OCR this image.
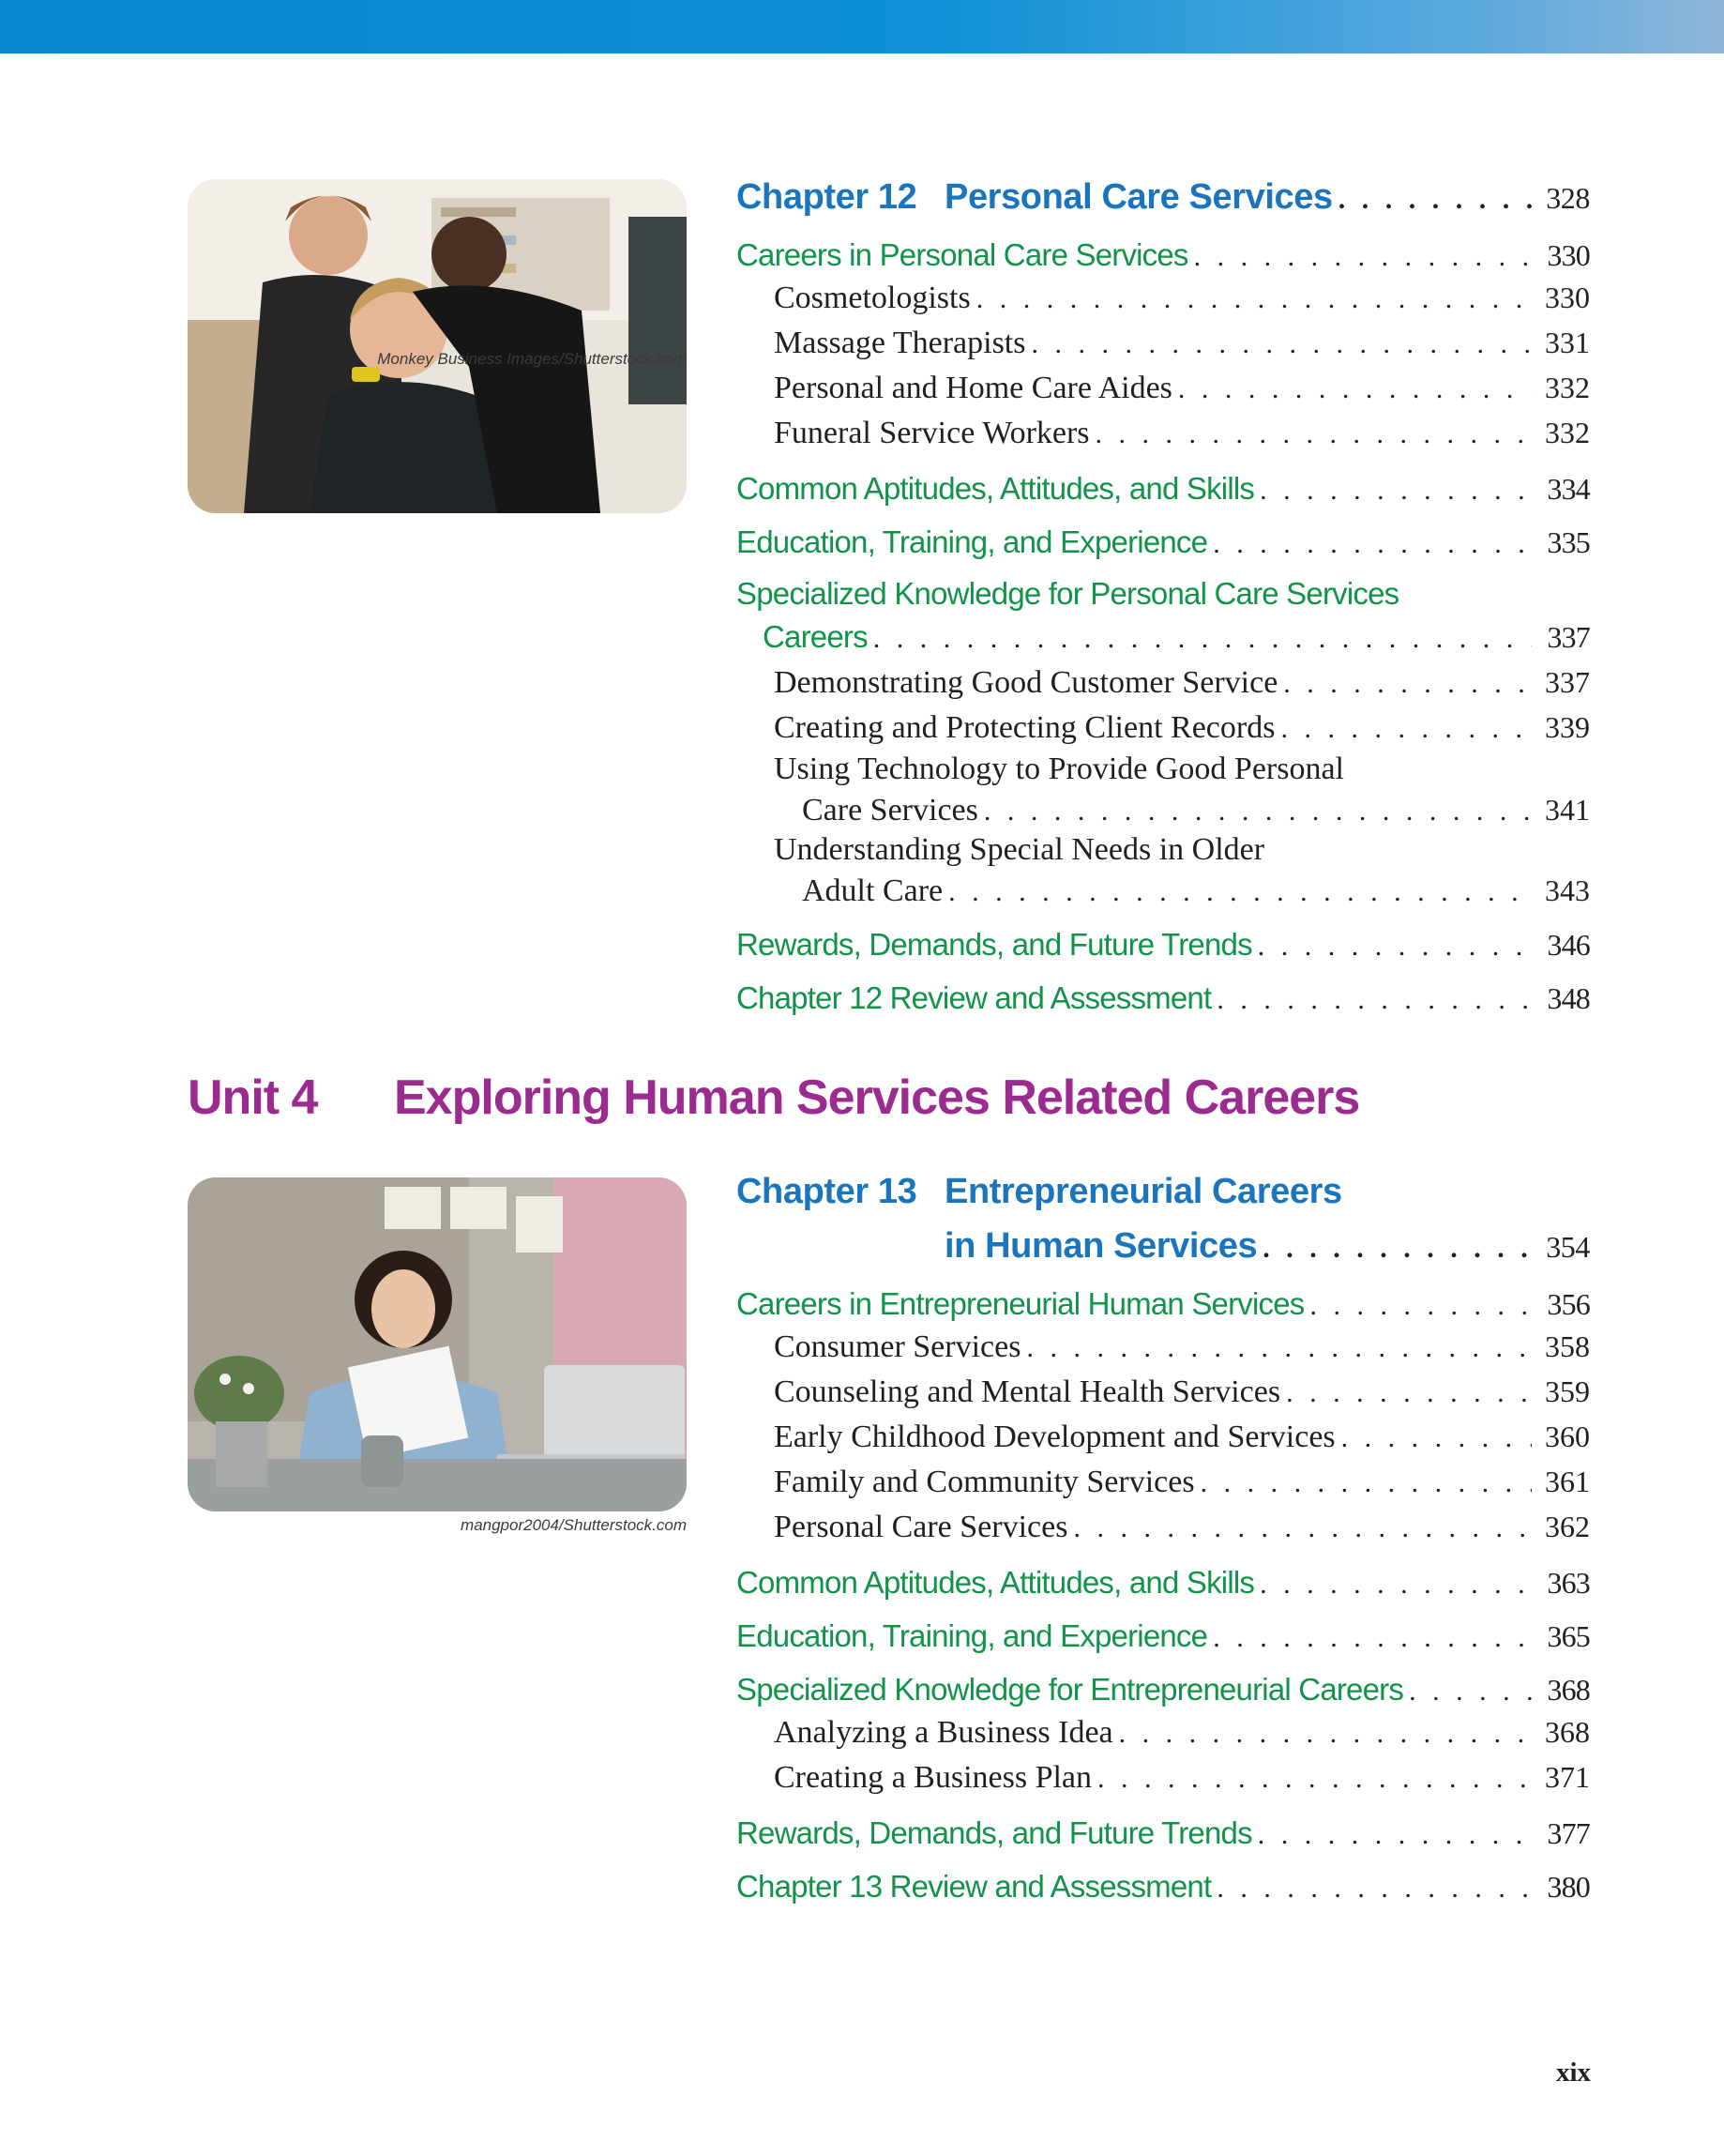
Monkey Business Images/Shutterstock.com
mangpor2004/Shutterstock.com
Chapter 12 Personal Care Services . . .	328
Careers in Personal Care Services . . .	330
Cosmetologists . . .	330
Massage Therapists . . .	331
Personal and Home Care Aides . . .	332
Funeral Service Workers . . .	332
Common Aptitudes, Attitudes, and Skills . . .	334
Education, Training, and Experience . . .	335
Specialized Knowledge for Personal Care Services
Careers . . .	337
Demonstrating Good Customer Service . . .	337
Creating and Protecting Client Records . . .	339
Using Technology to Provide Good Personal
Care Services . . .	341
Understanding Special Needs in Older
Adult Care . . .	343
Rewards, Demands, and Future Trends . . .	346
Chapter 12 Review and Assessment . . .	348
Unit 4 Exploring Human Services Related Careers
Chapter 13 Entrepreneurial Careers
in Human Services . . .	354
Careers in Entrepreneurial Human Services . . .	356
Consumer Services . . .	358
Counseling and Mental Health Services . . .	359
Early Childhood Development and Services . . .	360
Family and Community Services . . .	361
Personal Care Services . . .	362
Common Aptitudes, Attitudes, and Skills . . .	363
Education, Training, and Experience . . .	365
Specialized Knowledge for Entrepreneurial Careers . . .	368
Analyzing a Business Idea . . .	368
Creating a Business Plan . . .	371
Rewards, Demands, and Future Trends . . .	377
Chapter 13 Review and Assessment . . .	380
xix
